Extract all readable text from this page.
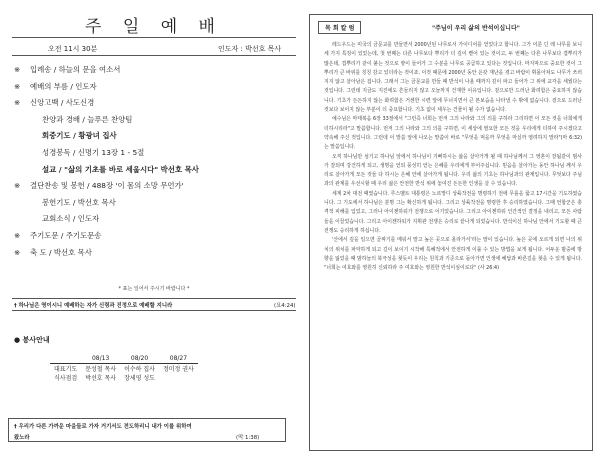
주 일 예 배
오전 11시 30분	인도자 : 박선호 목사
※ 입례송 / 하늘의 문을 여소서
※ 예배의 부름 / 인도자
※ 신앙고백 / 사도신경
찬양과 경배 / 늘푸른 찬양팀
회중기도 / 황광녀 집사
성경봉독 / 신명기 13장 1 - 5절
설교 / "삶의 기초를 바로 세웁시다" 박선호 목사
※ 결단찬송 및 봉헌 / 488장 '이 몸의 소망 무언가'
봉헌기도 / 박선호 목사
교회소식 / 인도자
※ 주기도문 / 주기도문송
※ 축 도 / 박선호 목사
* 표는 일어서 주시기 바랍니다 *
† 하나님은 영이시니 예배하는 자가 신령과 진정으로 예배할 지니라	(요4:24)
● 봉사안내
	08/13	08/20	08/27
대표기도	문성철 목사	이수하 집사	정미정 권사
식사점검	박선호 목사	장세영 성도	
† 우리가 다른 가까운 마을들로 가자 거기서도 전도하리니 내가 이를 위하여
왔노라	(막 1:38)
목 회 칼 럼	"주님이 우리 삶의 반석이십니다"

레드우드는 미국의 금문교를 만들면서 2000년된 나무로서 가이디어를 얻었다고 합니다. 그가 이룬 딘 레 나무를 보니 세 가지 특징이 있었는데, 첫 번째는 다른 나무보다 뿌리가 더 깊이 뻗어 있는 것이고, 두 번째는 다른 나무보다 겹뿌리가 많은데, 겹뿌리가 같이 붙는 것으로 땅이 들어가 그 수분을 나무로 공급하고 있다는 것입니다. 마지막으로 중요한 것이 그 뿌리가 큰 바위를 칭칭 감고 있더라는 것이죠. 이것 때문에 2000년 동안 온갖 재난을 겪고 바람이 휘몰아쳐도 나무가 쓰러지지 않고 살아남은 겁니다. 그래서 그는 금문교를 만들 때 반석이 나올 때까지 깊이 파고 들어가 그 위에 교각을 세웠다는 것입니다. 그런데 지금도 지진에도 흔들리지 않고 오늘까지 건재한 이유입니다. 겉으로만 드러난 화려함은 중요하지 않습니다. 기초가 든든하지 않는 화려함은 거센한 시련 앞에 무너지면서 큰 본보습을 나타낼 수 밖에 없습니다. 겉으로 드러난 것보다 보이지 않는 부분이 더 중요합니다. 기초 없이 세우는 건물이 될 수가 없습니다.

예수님은 마태복음 6장 33절에서 "그런즉 너희는 먼저 그의 나라와 그의 의를 구하라 그리하면 이 모든 것을 너희에게 더하시리라"고 말씀합니다. 먼저 그의 나라와 그의 의를 구하면, 이 세상에 필요한 모든 것을 우리에게 더하여 주시겠다고 약속해 주신 것입니다. 그런데 이 말씀 앞에 나오는 말씀이 바로 "무엇을 먹을까 무엇을 마실까 염려하지 말라"(마 6:32)는 말씀입니다.

오직 하나님만 섬기고 하나님 앞에서 하나님이 기뻐하시는 삶을 살아가게 될 때 하나님께서 그 영혼이 잘됨같이 범사가 잘되며 강건하게 되고, 생명을 얻되 풍성히 얻는 은혜를 우리에게 부어주십니다. 믿음을 살아가는 동안 하나님 께서 우리로 살아가게 모든 것들 다 하시는 은혜 안에 살아가게 됩니다. 우리 삶의 기초는 하나님과의 관계입니다. 무엇보다 주님과의 관계를 우선시할 때 우리 삶은 안전한 반석 위에 놓여진 든든한 인생을 살 수 있습니다.

세계 2차 대전 때였습니다. 루스벨트 대통령은 노르망디 상륙작전을 명령하기 전에 무릎을 꿇고 17시간을 기도하였습니다. 그 기도에서 하나님은 분명 그는 확신하게 됩니다. 그리고 상륙작전을 명령한 후 승리하였습니다. 그때 언합군은 충격적 피해를 입었고, 그러나 아이젠하워가 전쟁으로 이기었습니다. 그리고 아이젠하워 인간적인 결정을 내리고, 모든 사람들을 이끌었습니다. 그리고 아이젠하워가 지휘관 전쟁은 승리로 끝나게 되었습니다. 반석이신 하나님 안에서 기도할 때 큰 전쟁도 승리하게 하십니다.

'산에서 깊을 일으면 골짜기를 메워서 말고 높은 곳으로 올라가서'라는 말이 있습니다. 높은 곳에 오르게 되면 나의 위치의 위치를 파악하게 되고 길이 보이기 시작해 특혜적에서 안전하게 이룰 수 있는 방법을 보게 됩니다. 어두운 밤중에 방향을 잃었을 때 밤하늘의 북극성을 찾듯이 우리는 원칙과 기준으로 돌아가면 인생에 해답과 바른길을 찾을 수 있게 됩니다. "너희는 여호와를 영원히 신뢰하라 주 여호와는 영원한 반석이심이로다" (사 26:4)
